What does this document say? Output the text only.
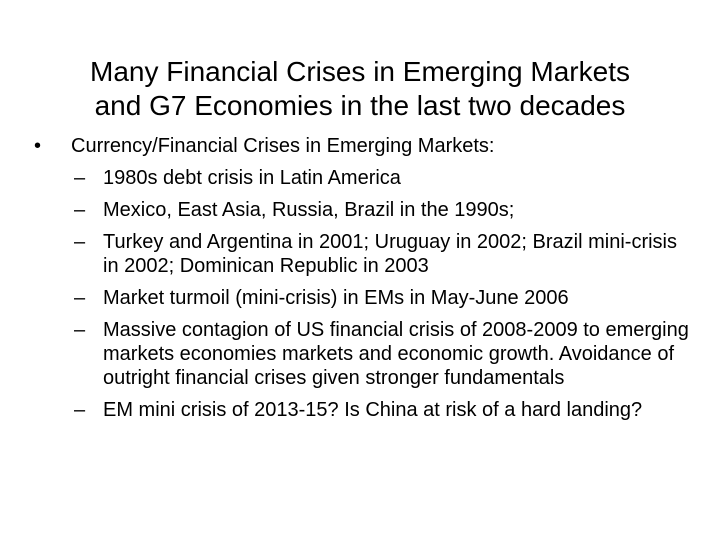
Many Financial Crises in Emerging Markets
and G7 Economies in the last two decades
• Currency/Financial Crises in Emerging Markets:
– 1980s debt crisis in Latin America
– Mexico, East Asia, Russia, Brazil in the 1990s;
– Turkey and Argentina in 2001; Uruguay in 2002; Brazil mini-crisis in 2002; Dominican Republic in 2003
– Market turmoil (mini-crisis) in EMs in May-June 2006
– Massive contagion of US financial crisis of 2008-2009 to emerging markets economies markets and economic growth. Avoidance of outright financial crises given stronger fundamentals
– EM mini crisis of 2013-15? Is China at risk of a hard landing?
